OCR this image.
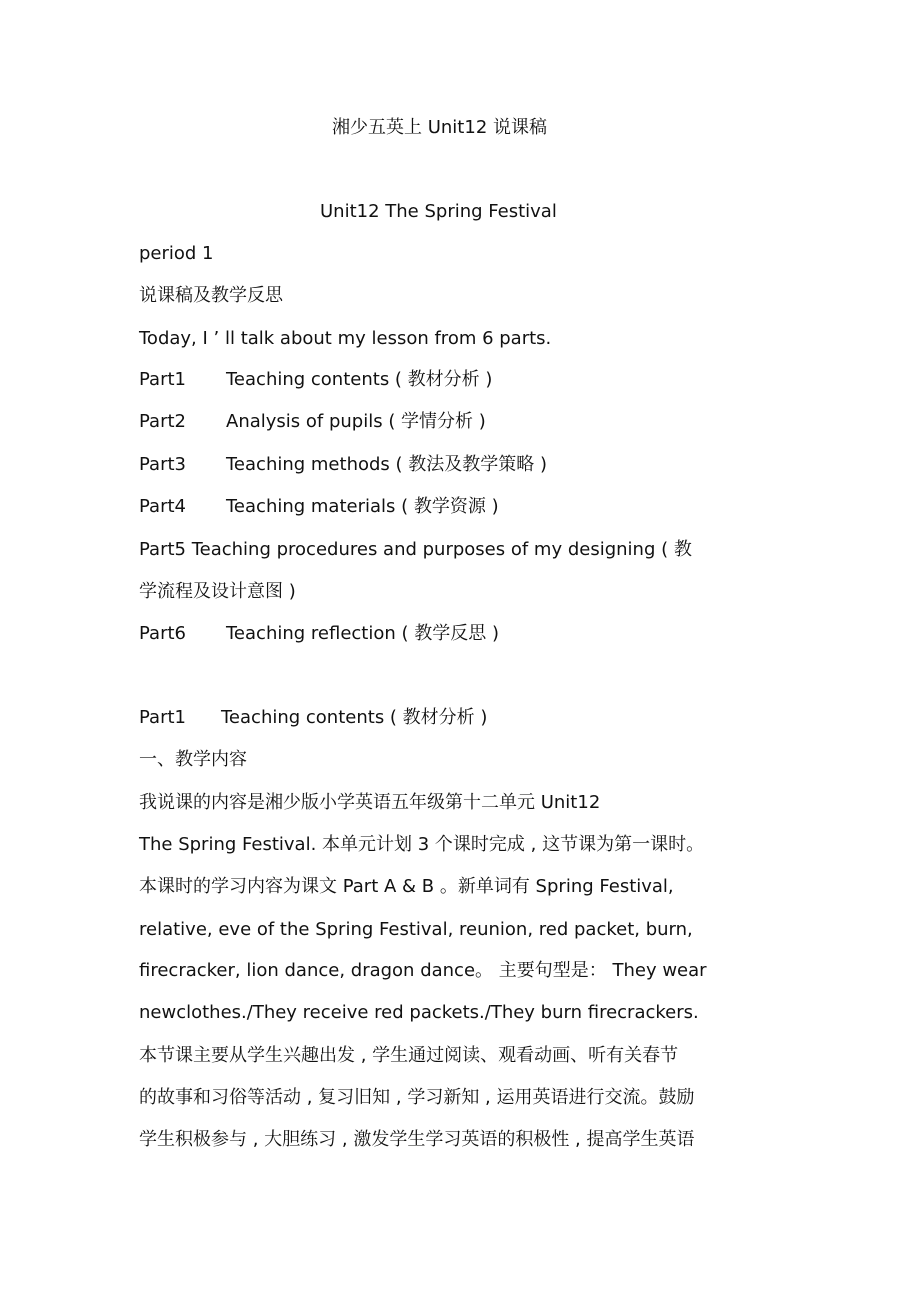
湘少五英上 Unit12 说课稿
Unit12 The Spring Festival
period 1
说课稿及教学反思
Today, I ’ ll talk about my lesson from 6 parts.
Part1 Teaching contents ( 教材分析 )
Part2 Analysis of pupils ( 学情分析 )
Part3 Teaching methods ( 教法及教学策略 )
Part4 Teaching materials ( 教学资源 )
Part5 Teaching procedures and purposes of my designing ( 教
学流程及设计意图 )
Part6 Teaching reflection ( 教学反思 )
Part1 Teaching contents ( 教材分析 )
一、教学内容
我说课的内容是湘少版小学英语五年级第十二单元 Unit12
The Spring Festival. 本单元计划 3 个课时完成 , 这节课为第一课时。
本课时的学习内容为课文 Part A & B 。新单词有 Spring Festival,
relative, eve of the Spring Festival, reunion, red packet, burn,
firecracker, lion dance, dragon dance。 主要句型是： They wear
newclothes./They receive red packets./They burn firecrackers.
本节课主要从学生兴趣出发 , 学生通过阅读、观看动画、听有关春节
的故事和习俗等活动 , 复习旧知 , 学习新知 , 运用英语进行交流。鼓励
学生积极参与 , 大胆练习 , 激发学生学习英语的积极性 , 提高学生英语
